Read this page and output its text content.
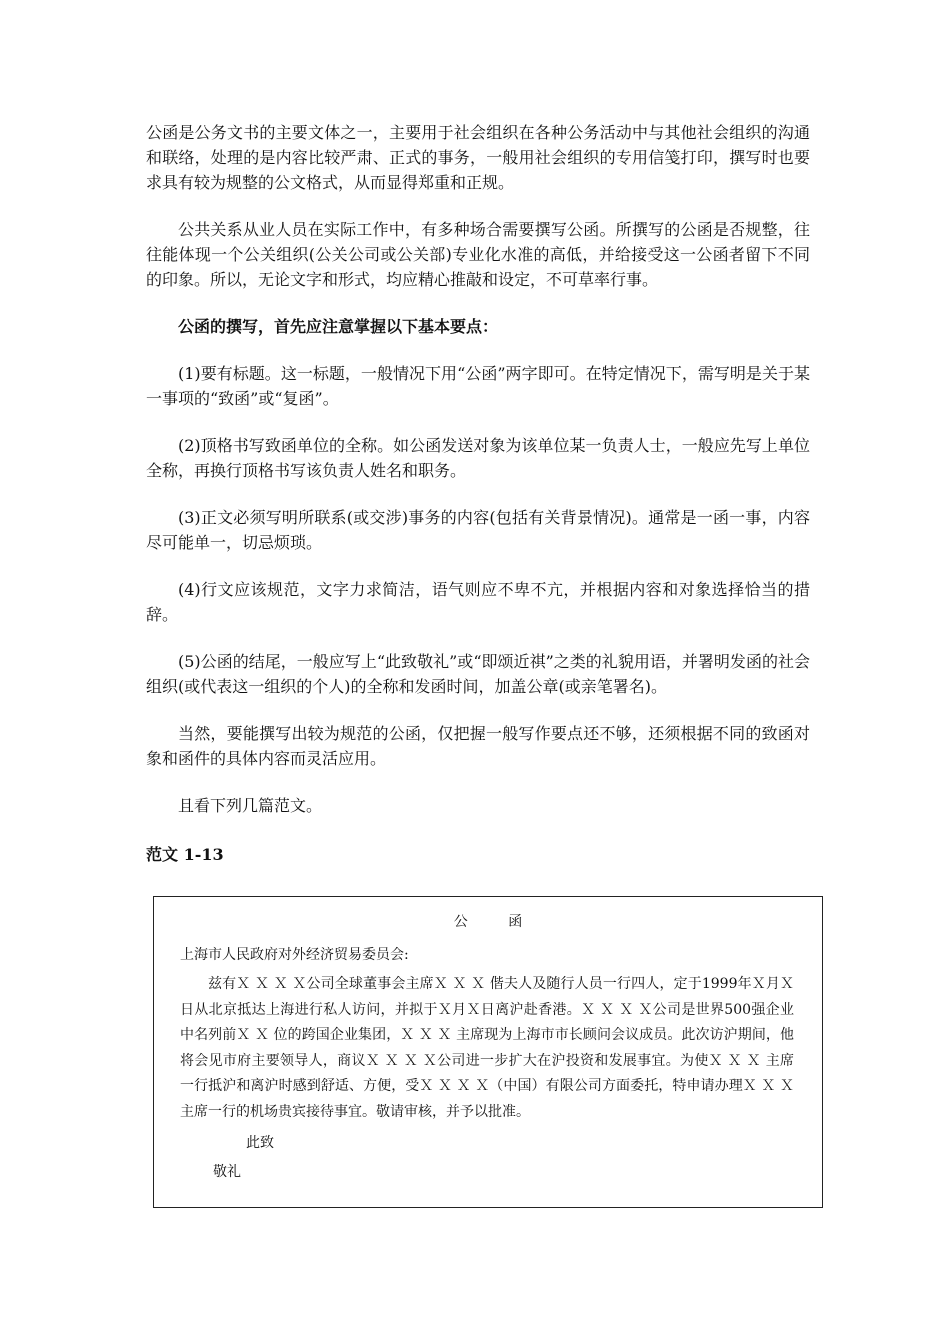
公函是公务文书的主要文体之一，主要用于社会组织在各种公务活动中与其他社会组织的沟通和联络，处理的是内容比较严肃、正式的事务，一般用社会组织的专用信笺打印，撰写时也要求具有较为规整的公文格式，从而显得郑重和正规。

公共关系从业人员在实际工作中，有多种场合需要撰写公函。所撰写的公函是否规整，往往能体现一个公关组织(公关公司或公关部)专业化水准的高低，并给接受这一公函者留下不同的印象。所以，无论文字和形式，均应精心推敲和设定，不可草率行事。

公函的撰写，首先应注意掌握以下基本要点：

(1)要有标题。这一标题，一般情况下用“公函”两字即可。在特定情况下，需写明是关于某一事项的“致函”或“复函”。

(2)顶格书写致函单位的全称。如公函发送对象为该单位某一负责人士，一般应先写上单位全称，再换行顶格书写该负责人姓名和职务。

(3)正文必须写明所联系(或交涉)事务的内容(包括有关背景情况)。通常是一函一事，内容尽可能单一，切忌烦琐。

(4)行文应该规范，文字力求简洁，语气则应不卑不亢，并根据内容和对象选择恰当的措辞。

(5)公函的结尾，一般应写上“此致敬礼”或“即颂近祺”之类的礼貌用语，并署明发函的社会组织(或代表这一组织的个人)的全称和发函时间，加盖公章(或亲笔署名)。

当然，要能撰写出较为规范的公函，仅把握一般写作要点还不够，还须根据不同的致函对象和函件的具体内容而灵活应用。

且看下列几篇范文。

范文 1-13
公 函

上海市人民政府对外经济贸易委员会:

兹有Ｘ Ｘ Ｘ Ｘ公司全球董事会主席Ｘ Ｘ Ｘ 偕夫人及随行人员一行四人，定于1999年Ｘ月Ｘ日从北京抵达上海进行私人访问，并拟于Ｘ月Ｘ日离沪赴香港。Ｘ Ｘ Ｘ Ｘ公司是世界500强企业中名列前Ｘ Ｘ 位的跨国企业集团，Ｘ Ｘ Ｘ 主席现为上海市市长顾问会议成员。此次访沪期间，他将会见市府主要领导人，商议Ｘ Ｘ Ｘ Ｘ公司进一步扩大在沪投资和发展事宜。为使Ｘ Ｘ Ｘ 主席一行抵沪和离沪时感到舒适、方便，受Ｘ Ｘ Ｘ Ｘ（中国）有限公司方面委托，特申请办理Ｘ Ｘ Ｘ主席一行的机场贵宾接待事宜。敬请审核，并予以批准。

此致
敬礼
